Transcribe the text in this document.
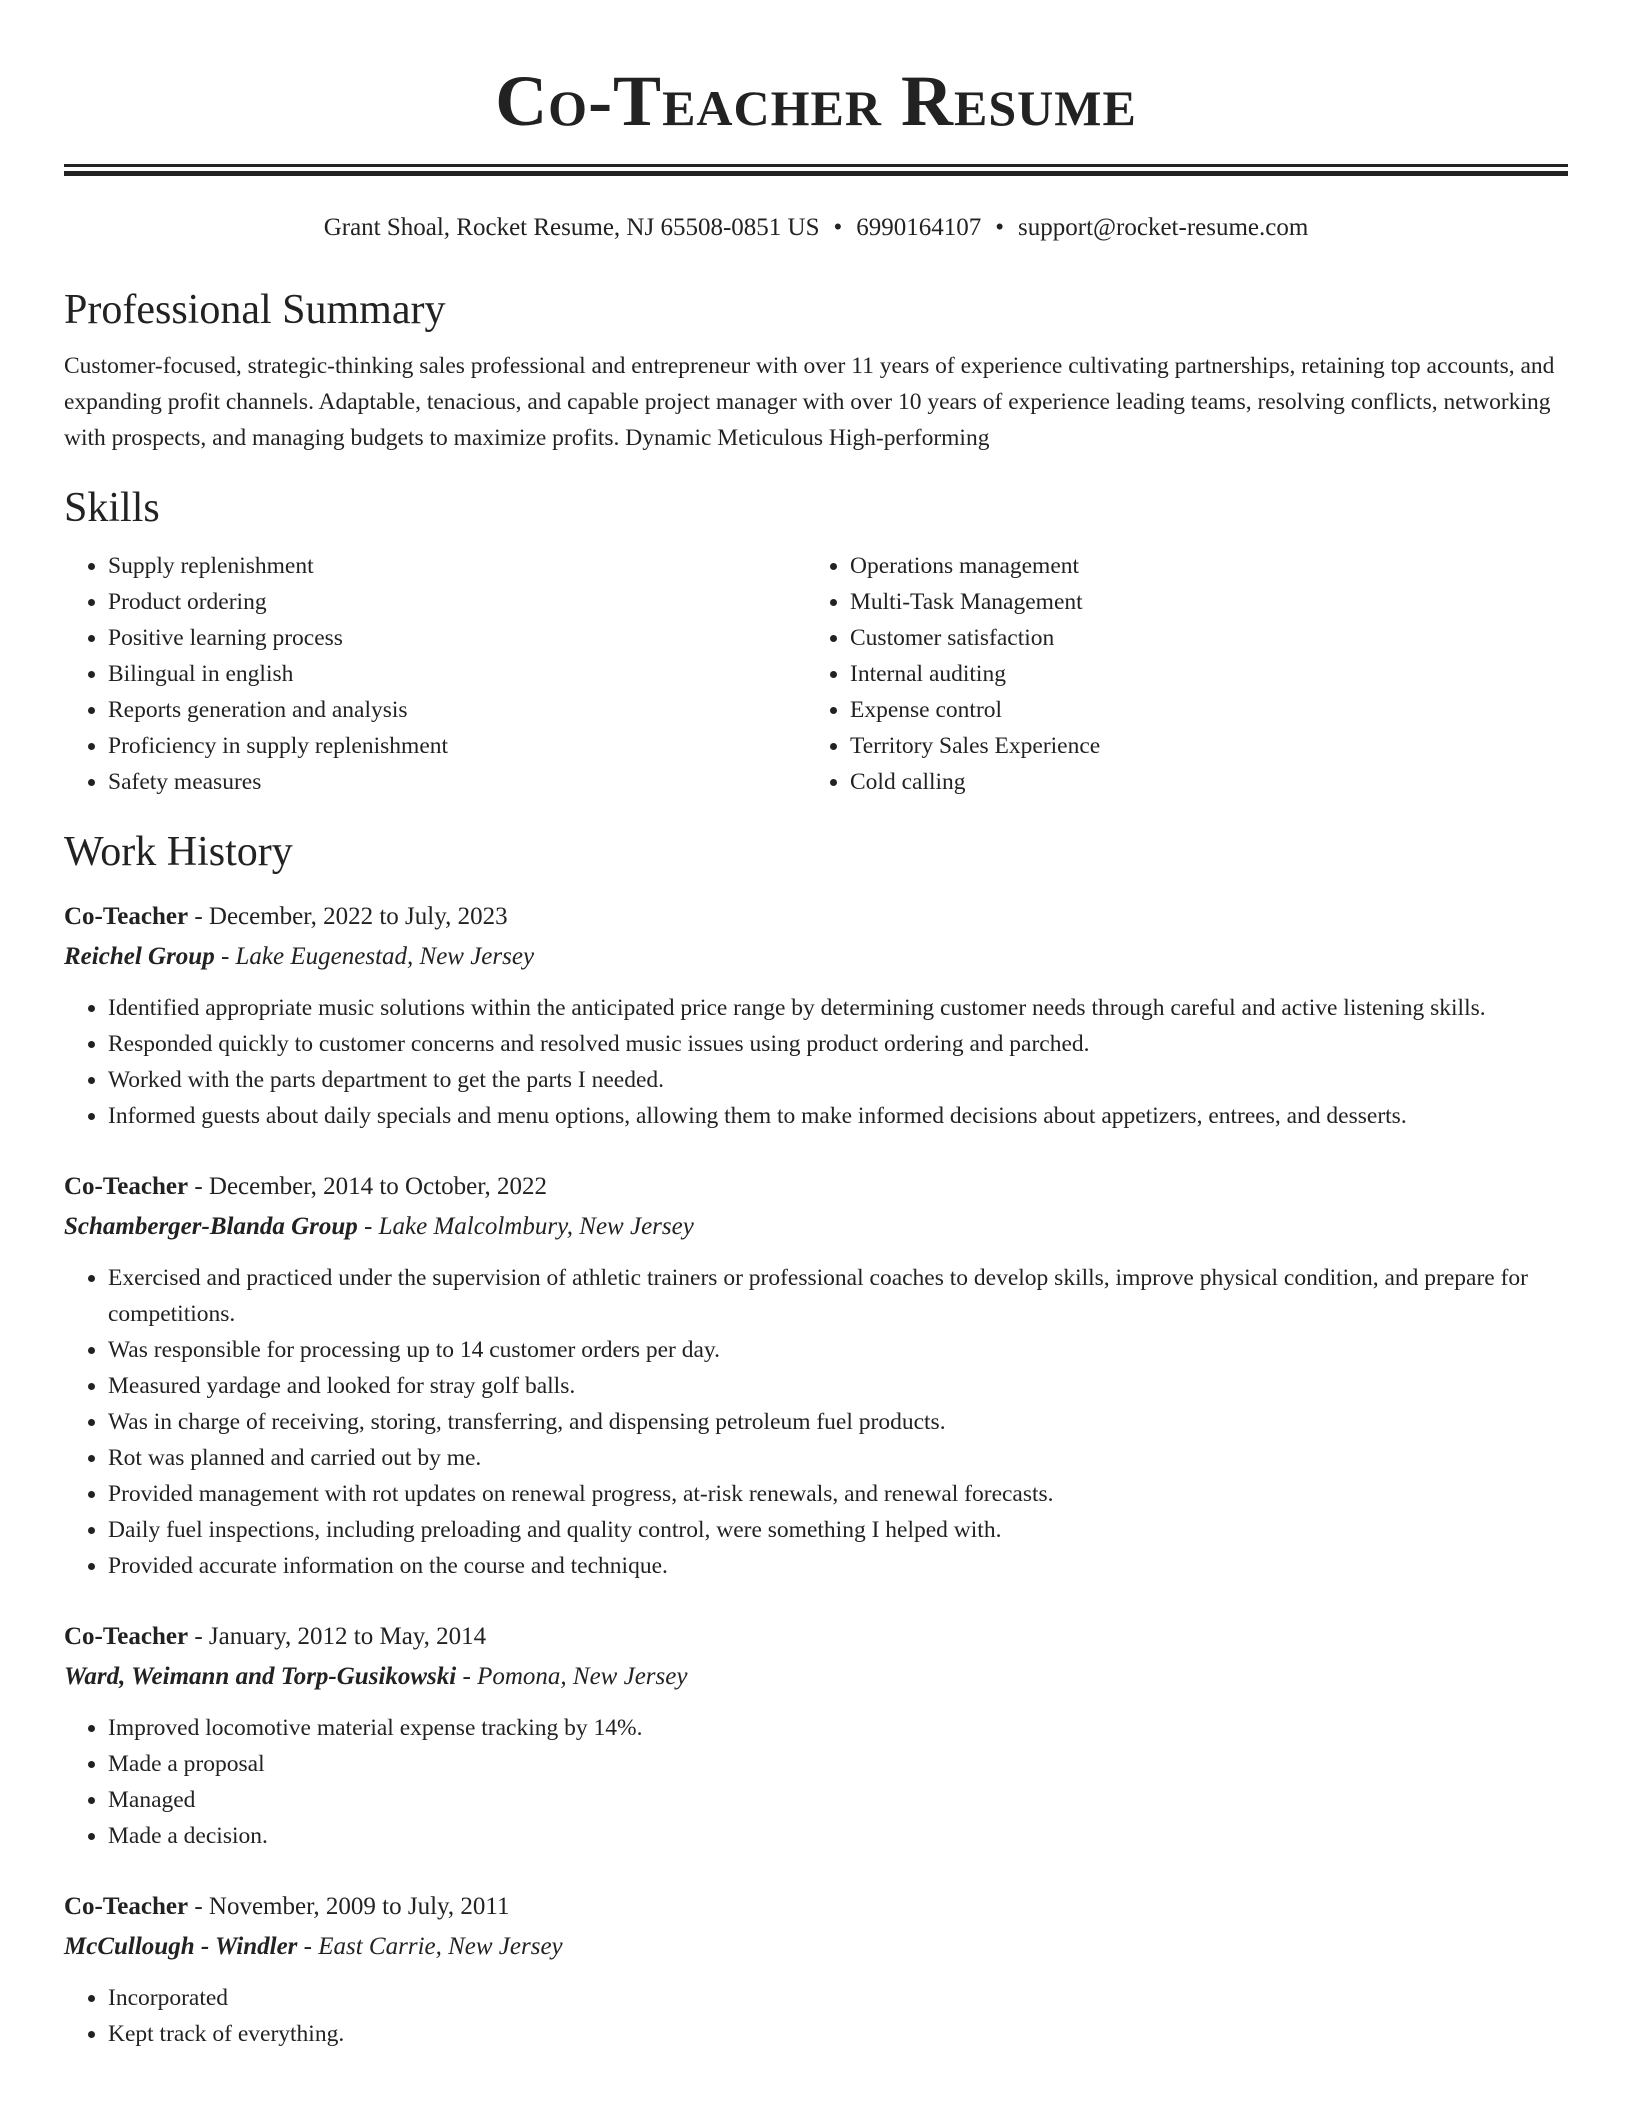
Co-Teacher Resume
Grant Shoal, Rocket Resume, NJ 65508-0851 US • 6990164107 • support@rocket-resume.com
Professional Summary

Customer-focused, strategic-thinking sales professional and entrepreneur with over 11 years of experience cultivating partnerships, retaining top accounts, and expanding profit channels. Adaptable, tenacious, and capable project manager with over 10 years of experience leading teams, resolving conflicts, networking with prospects, and managing budgets to maximize profits. Dynamic Meticulous High-performing

Skills
• Supply replenishment
• Product ordering
• Positive learning process
• Bilingual in english
• Reports generation and analysis
• Proficiency in supply replenishment
• Safety measures
• Operations management
• Multi-Task Management
• Customer satisfaction
• Internal auditing
• Expense control
• Territory Sales Experience
• Cold calling
Work History
Co-Teacher - December, 2022 to July, 2023
Reichel Group - Lake Eugenestad, New Jersey
• Identified appropriate music solutions within the anticipated price range by determining customer needs through careful and active listening skills.
• Responded quickly to customer concerns and resolved music issues using product ordering and parched.
• Worked with the parts department to get the parts I needed.
• Informed guests about daily specials and menu options, allowing them to make informed decisions about appetizers, entrees, and desserts.
Co-Teacher - December, 2014 to October, 2022
Schamberger-Blanda Group - Lake Malcolmbury, New Jersey
• Exercised and practiced under the supervision of athletic trainers or professional coaches to develop skills, improve physical condition, and prepare for competitions.
• Was responsible for processing up to 14 customer orders per day.
• Measured yardage and looked for stray golf balls.
• Was in charge of receiving, storing, transferring, and dispensing petroleum fuel products.
• Rot was planned and carried out by me.
• Provided management with rot updates on renewal progress, at-risk renewals, and renewal forecasts.
• Daily fuel inspections, including preloading and quality control, were something I helped with.
• Provided accurate information on the course and technique.
Co-Teacher - January, 2012 to May, 2014
Ward, Weimann and Torp-Gusikowski - Pomona, New Jersey
• Improved locomotive material expense tracking by 14%.
• Made a proposal
• Managed
• Made a decision.
Co-Teacher - November, 2009 to July, 2011
McCullough - Windler - East Carrie, New Jersey
• Incorporated
• Kept track of everything.
